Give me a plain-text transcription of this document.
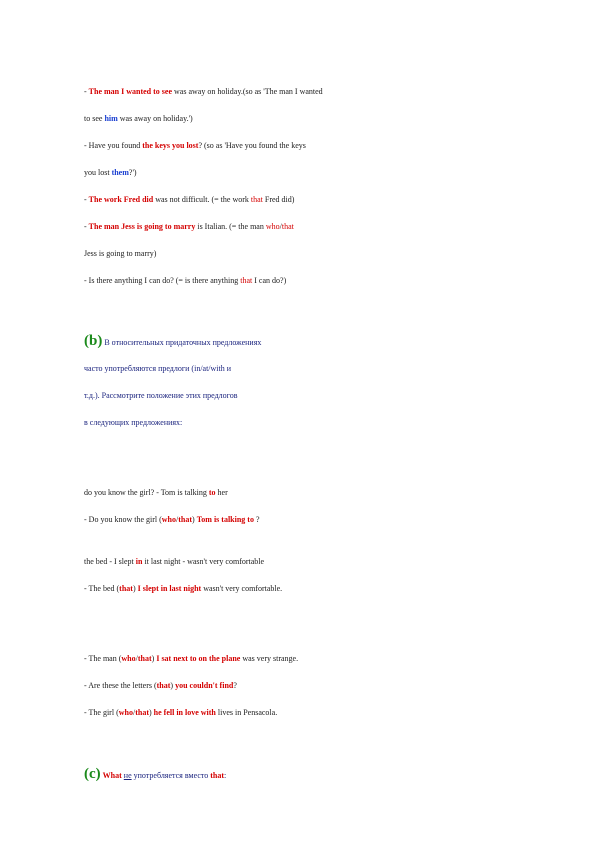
- The man I wanted to see was away on holiday.(so as 'The man I wanted
to see him was away on holiday.')
- Have you found the keys you lost? (so as 'Have you found the keys
you lost them?')
- The work Fred did was not difficult. (= the work that Fred did)
- The man Jess is going to marry is Italian. (= the man who/that
Jess is going to marry)
- Is there anything I can do? (= is there anything that I can do?)
(b) В относительных придаточных предложениях
часто употребляются предлоги (in/at/with и
т.д.). Рассмотрите положение этих предлогов
в следующих предложениях:
do you know the girl? - Tom is talking to her
- Do you know the girl (who/that) Tom is talking to ?
the bed - I slept in it last night - wasn't very comfortable
- The bed (that) I slept in last night wasn't very comfortable.
- The man (who/that) I sat next to on the plane was very strange.
- Are these the letters (that) you couldn't find?
- The girl (who/that) he fell in love with lives in Pensacola.
(c) What не употребляется вместо that:
